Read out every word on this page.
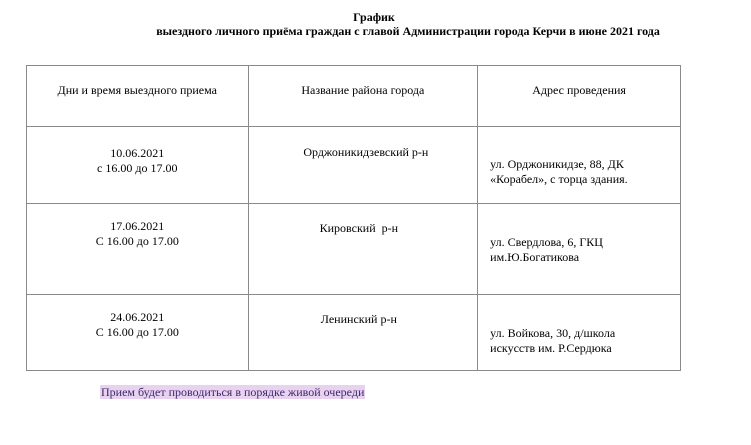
График
выездного личного приёма граждан с главой Администрации города Керчи в июне 2021 года
Дни и время выездного приема	Название района города	Адрес проведения

10.06.2021
с 16.00 до 17.00	Орджоникидзевский р-н	ул. Орджоникидзе, 88, ДК
«Корабел», с торца здания.

17.06.2021
С 16.00 до 17.00	Кировский  р-н	ул. Свердлова, 6, ГКЦ
им.Ю.Богатикова

24.06.2021
С 16.00 до 17.00	Ленинский р-н	ул. Войкова, 30, д/школа
искусств им. Р.Сердюка
Прием будет проводиться в порядке живой очереди
